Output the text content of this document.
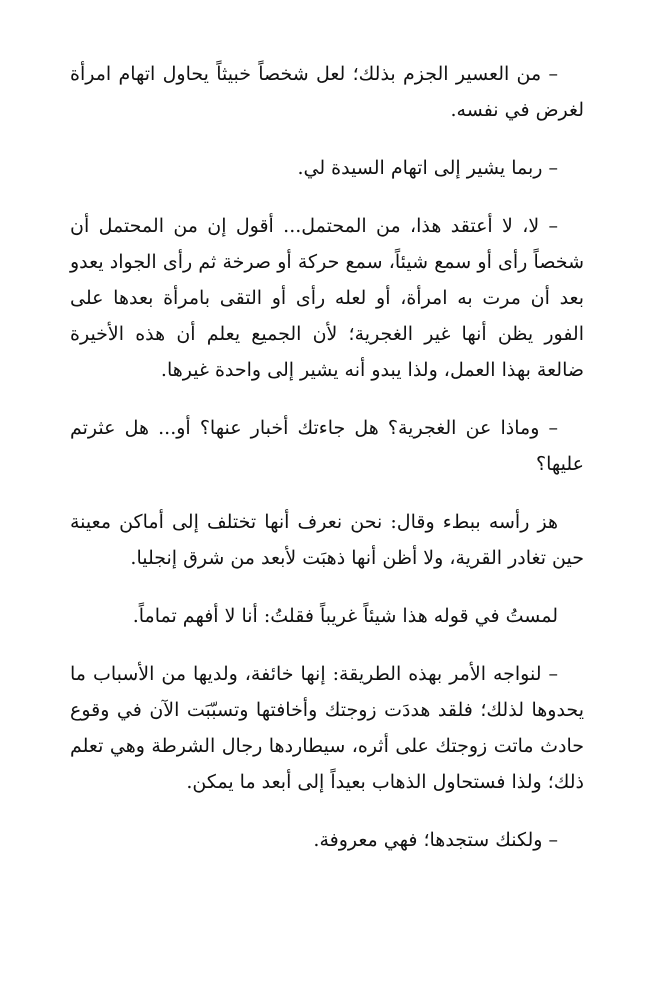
– من العسير الجزم بذلك؛ لعل شخصاً خبيثاً يحاول اتهام امرأة لغرض في نفسه.

– ربما يشير إلى اتهام السيدة لي.

– لا، لا أعتقد هذا، من المحتمل... أقول إن من المحتمل أن شخصاً رأى أو سمع شيئاً، سمع حركة أو صرخة ثم رأى الجواد يعدو بعد أن مرت به امرأة، أو لعله رأى أو التقى بامرأة بعدها على الفور يظن أنها غير الغجرية؛ لأن الجميع يعلم أن هذه الأخيرة ضالعة بهذا العمل، ولذا يبدو أنه يشير إلى واحدة غيرها.

– وماذا عن الغجرية؟ هل جاءتك أخبار عنها؟ أو... هل عثرتم عليها؟

هز رأسه ببطء وقال: نحن نعرف أنها تختلف إلى أماكن معينة حين تغادر القرية، ولا أظن أنها ذهبَت لأبعد من شرق إنجليا.

لمستُ في قوله هذا شيئاً غريباً فقلتُ: أنا لا أفهم تماماً.

– لنواجه الأمر بهذه الطريقة: إنها خائفة، ولديها من الأسباب ما يحدوها لذلك؛ فلقد هددَت زوجتك وأخافتها وتسبّبَت الآن في وقوع حادث ماتت زوجتك على أثره، سيطاردها رجال الشرطة وهي تعلم ذلك؛ ولذا فستحاول الذهاب بعيداً إلى أبعد ما يمكن.

– ولكنك ستجدها؛ فهي معروفة.
